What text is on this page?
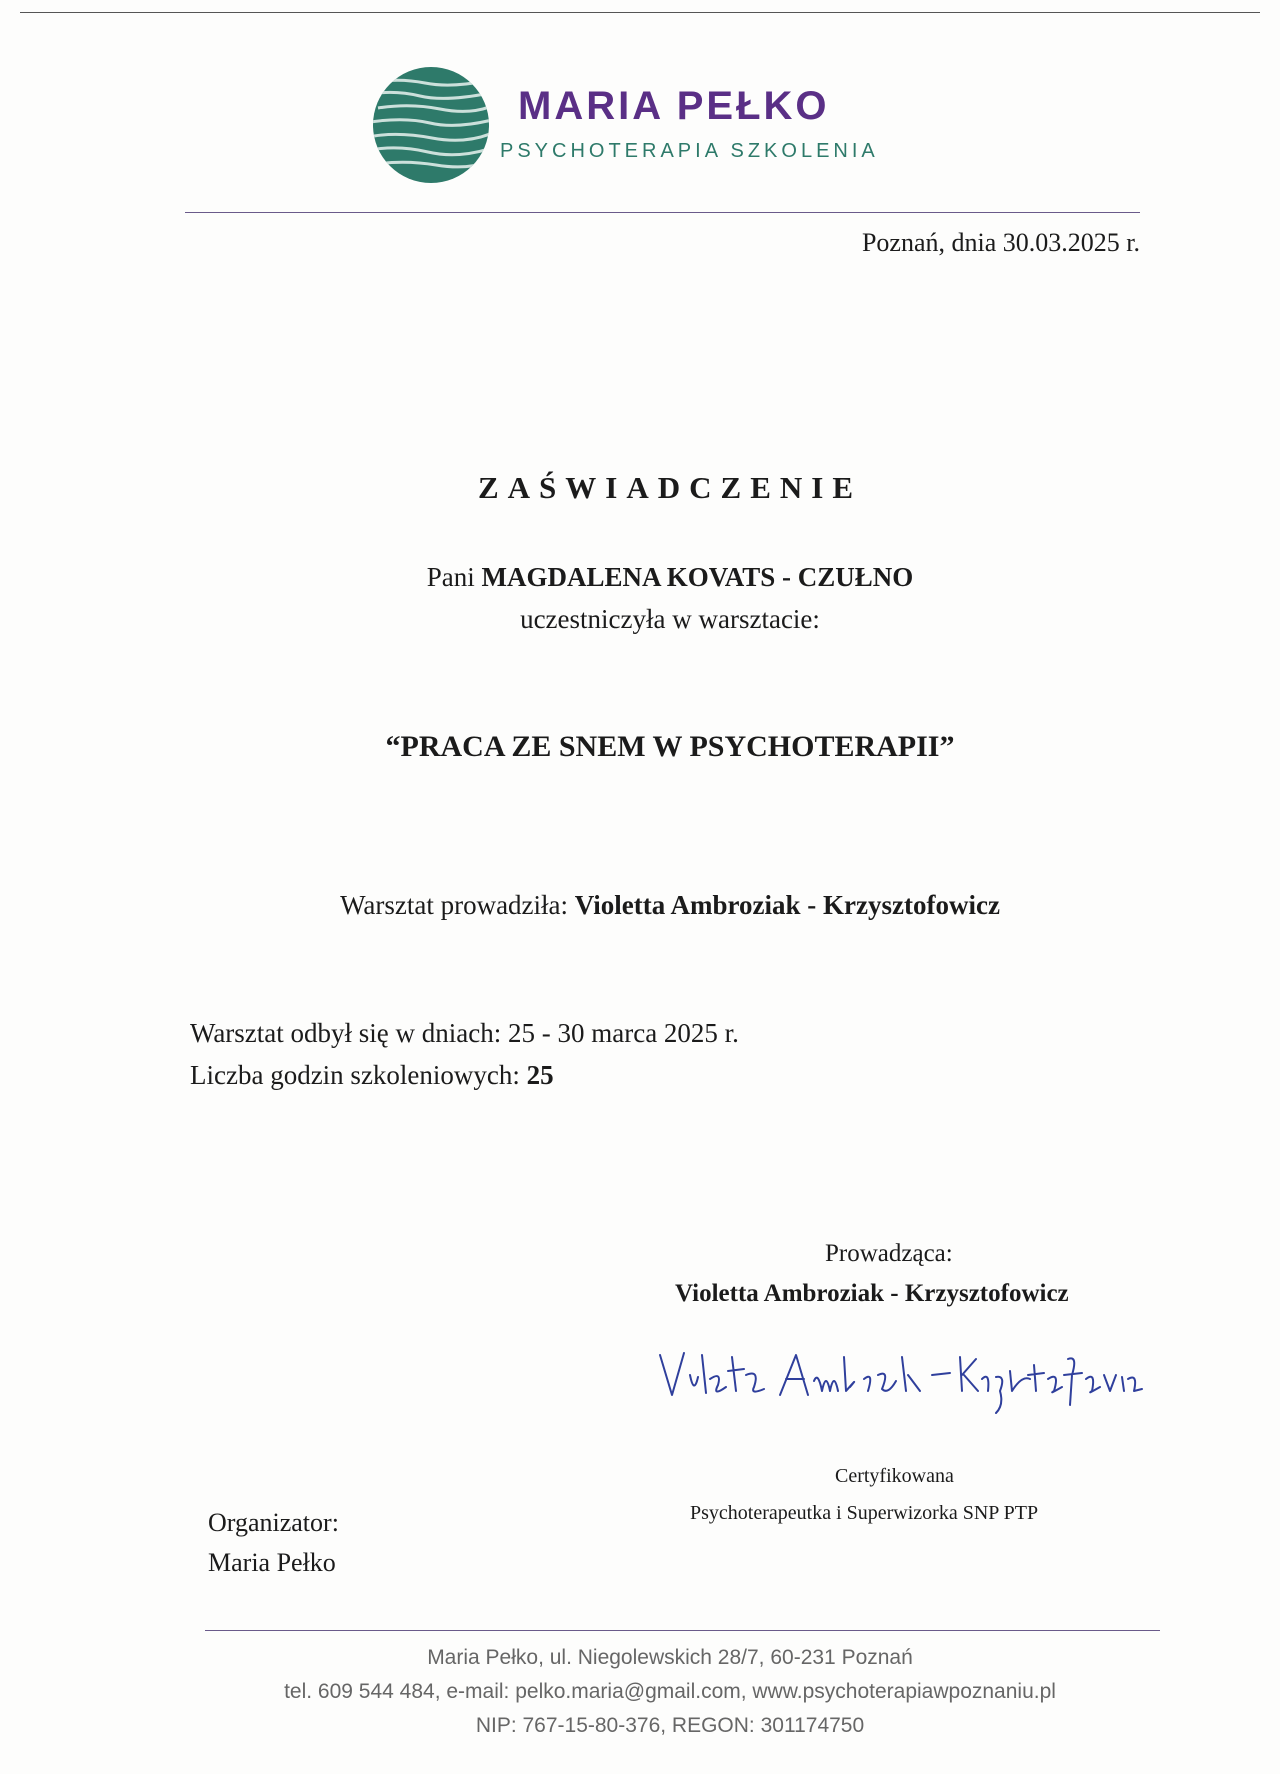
MARIA PEŁKO
PSYCHOTERAPIA SZKOLENIA
Poznań, dnia 30.03.2025 r.
ZAŚWIADCZENIE
Pani MAGDALENA KOVATS - CZUŁNO
uczestniczyła w warsztacie:
“PRACA ZE SNEM W PSYCHOTERAPII”
Warsztat prowadziła: Violetta Ambroziak - Krzysztofowicz
Warsztat odbył się w dniach: 25 - 30 marca 2025 r.
Liczba godzin szkoleniowych: 25
Prowadząca:
Violetta Ambroziak - Krzysztofowicz
Certyfikowana
Psychoterapeutka i Superwizorka SNP PTP
Organizator:
Maria Pełko
Maria Pełko, ul. Niegolewskich 28/7, 60-231 Poznań
tel. 609 544 484, e-mail: pelko.maria@gmail.com, www.psychoterapiawpoznaniu.pl
NIP: 767-15-80-376, REGON: 301174750
